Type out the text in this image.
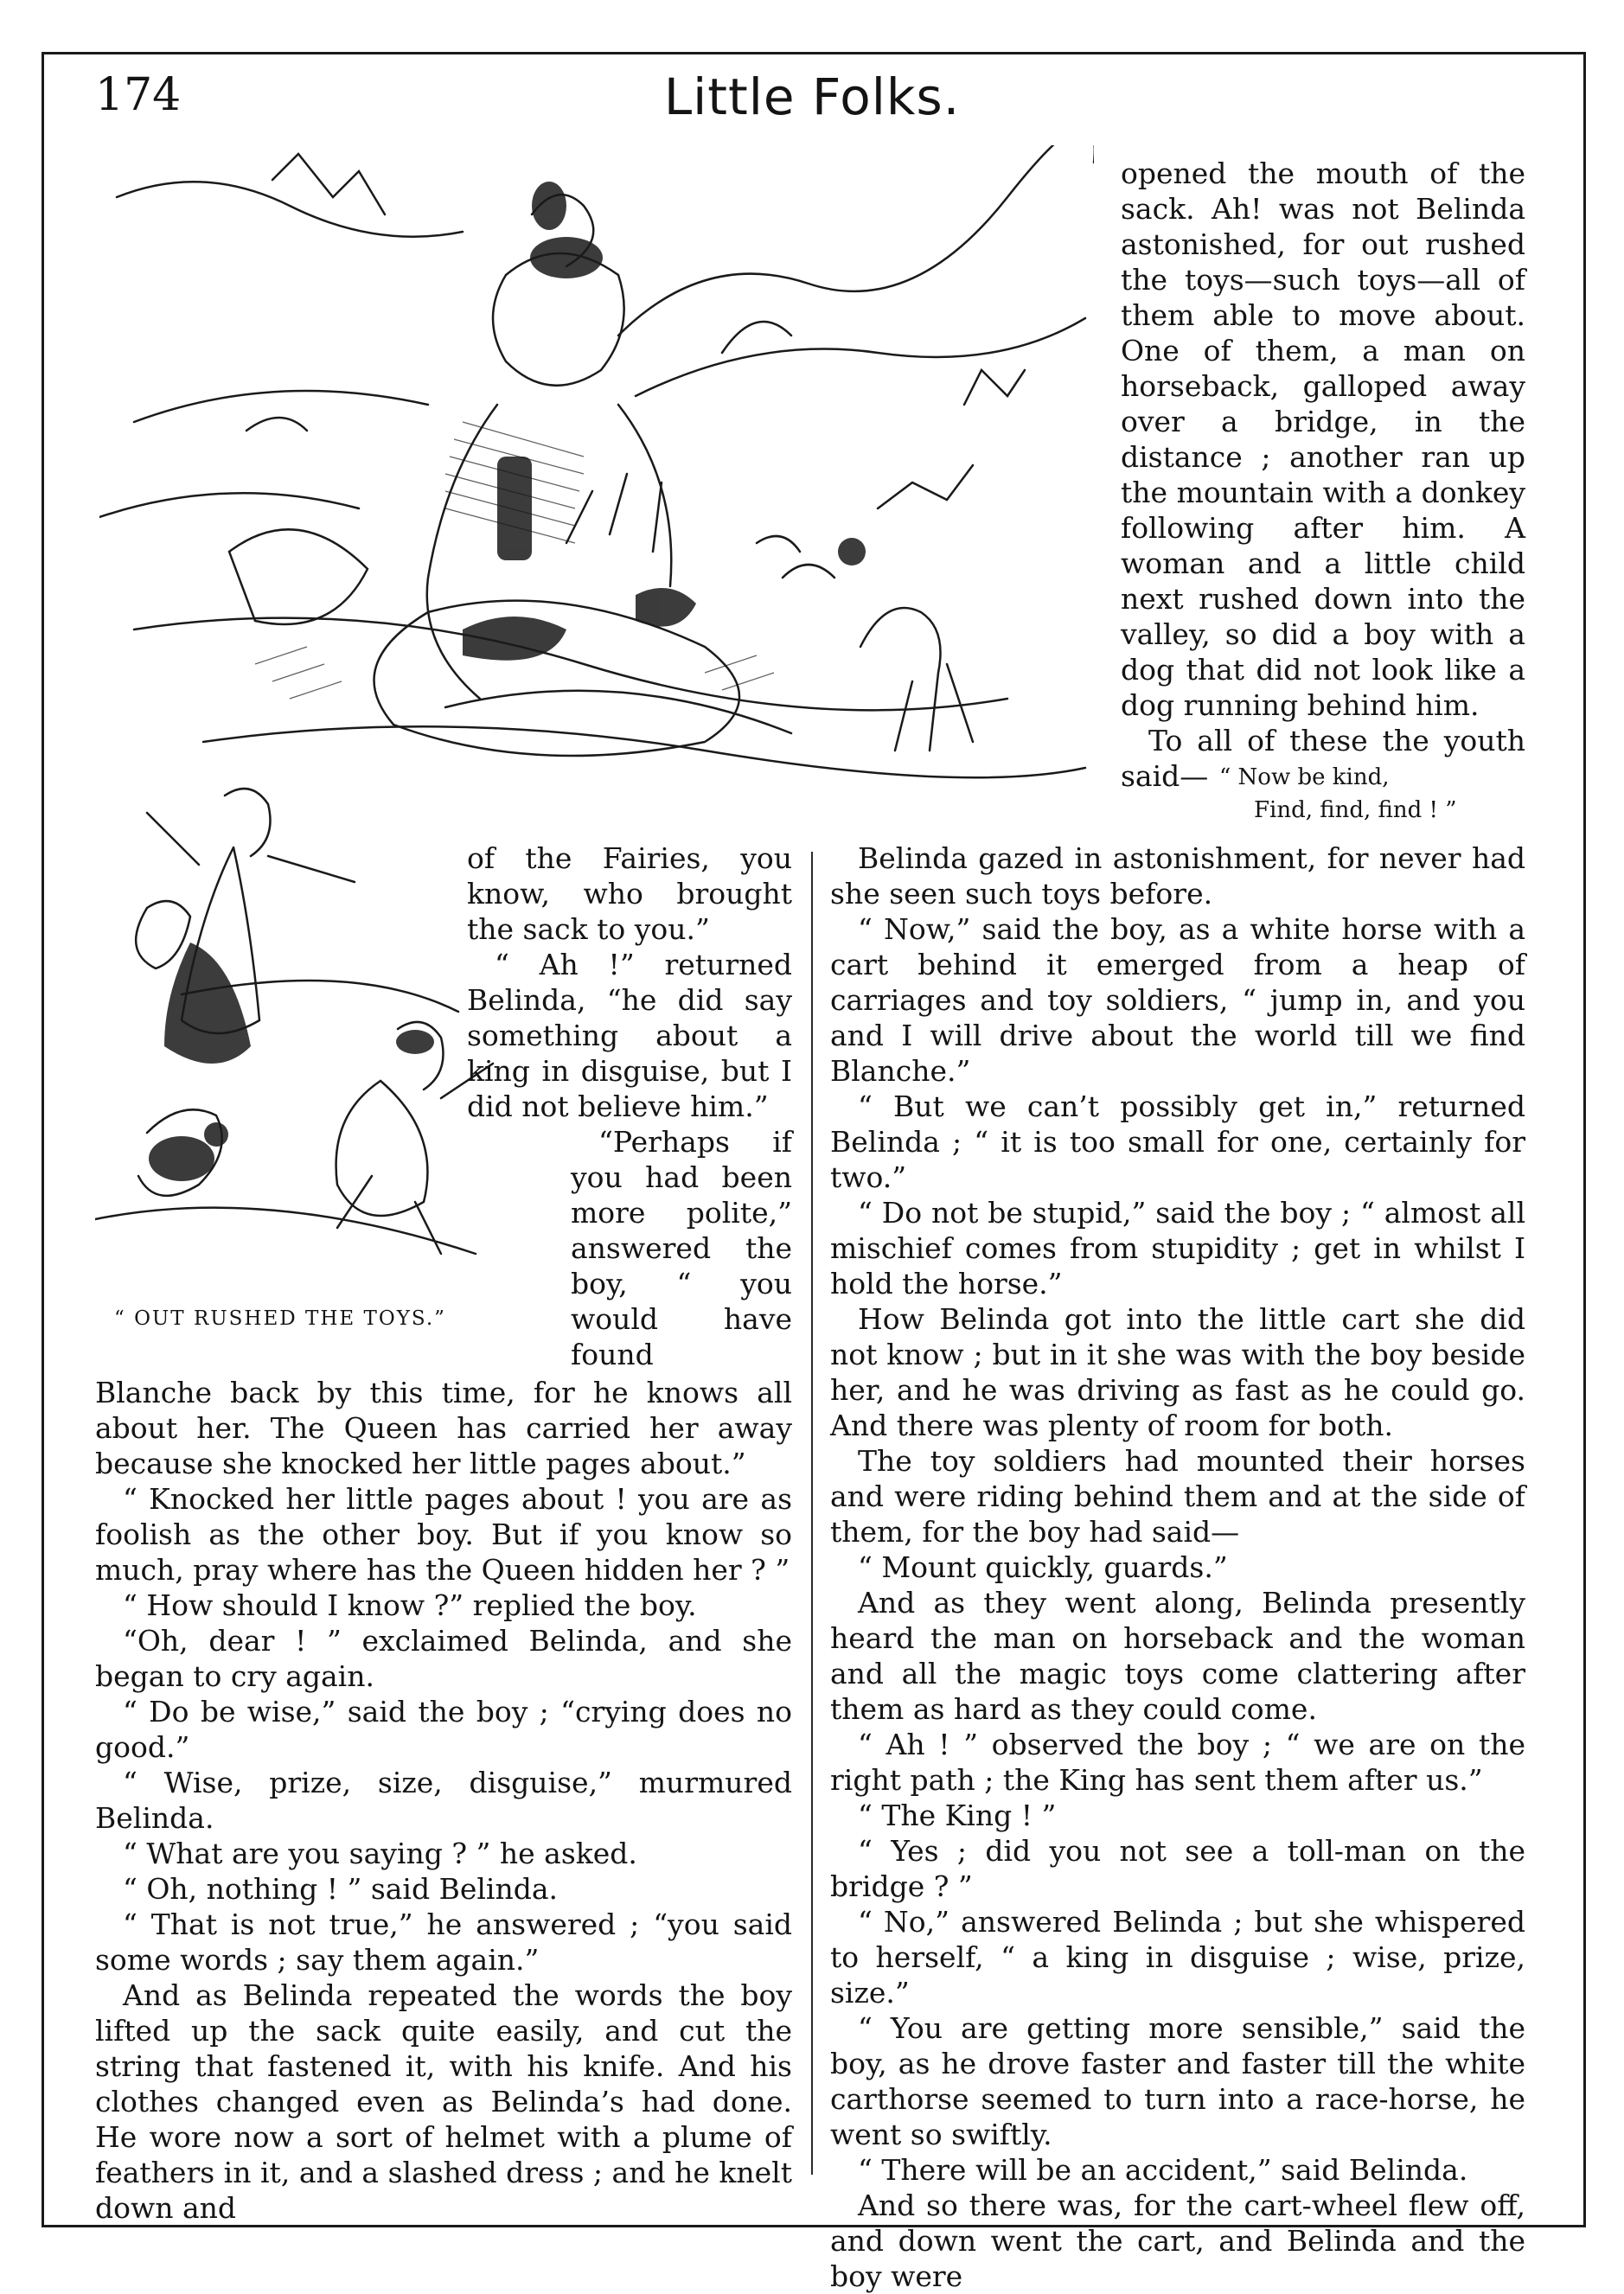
174	Little Folks.
“ OUT RUSHED THE TOYS.”

opened the mouth of the sack. Ah! was not Belinda astonished, for out rushed the toys—such toys—all of them able to move about. One of them, a man on horseback, galloped away over a bridge, in the distance ; another ran up the mountain with a donkey following after him. A woman and a little child next rushed down into the valley, so did a boy with a dog that did not look like a dog running behind him.

To all of these the youth said— “ Now be kind,
Find, find, find ! ”

of the Fairies, you know, who brought the sack to you.”

“ Ah !” returned Belinda, “he did say something about a king in disguise, but I did not believe him.”

“Perhaps if you had been more polite,” answered the boy, “ you would have found

Blanche back by this time, for he knows all about her. The Queen has carried her away because she knocked her little pages about.”

“ Knocked her little pages about ! you are as foolish as the other boy. But if you know so much, pray where has the Queen hidden her ? ”

“ How should I know ?” replied the boy.

“Oh, dear ! ” exclaimed Belinda, and she began to cry again.

“ Do be wise,” said the boy ; “crying does no good.”

“ Wise, prize, size, disguise,” murmured Belinda.

“ What are you saying ? ” he asked.

“ Oh, nothing ! ” said Belinda.

“ That is not true,” he answered ; “you said some words ; say them again.”

And as Belinda repeated the words the boy lifted up the sack quite easily, and cut the string that fastened it, with his knife. And his clothes changed even as Belinda’s had done. He wore now a sort of helmet with a plume of feathers in it, and a slashed dress ; and he knelt down and

Belinda gazed in astonishment, for never had she seen such toys before.

“ Now,” said the boy, as a white horse with a cart behind it emerged from a heap of carriages and toy soldiers, “ jump in, and you and I will drive about the world till we find Blanche.”

“ But we can’t possibly get in,” returned Belinda ; “ it is too small for one, certainly for two.”

“ Do not be stupid,” said the boy ; “ almost all mischief comes from stupidity ; get in whilst I hold the horse.”

How Belinda got into the little cart she did not know ; but in it she was with the boy beside her, and he was driving as fast as he could go. And there was plenty of room for both.

The toy soldiers had mounted their horses and were riding behind them and at the side of them, for the boy had said—

“ Mount quickly, guards.”

And as they went along, Belinda presently heard the man on horseback and the woman and all the magic toys come clattering after them as hard as they could come.

“ Ah ! ” observed the boy ; “ we are on the right path ; the King has sent them after us.”

“ The King ! ”

“ Yes ; did you not see a toll-man on the bridge ? ”

“ No,” answered Belinda ; but she whispered to herself, “ a king in disguise ; wise, prize, size.”

“ You are getting more sensible,” said the boy, as he drove faster and faster till the white carthorse seemed to turn into a race-horse, he went so swiftly.

“ There will be an accident,” said Belinda.

And so there was, for the cart-wheel flew off, and down went the cart, and Belinda and the boy were
